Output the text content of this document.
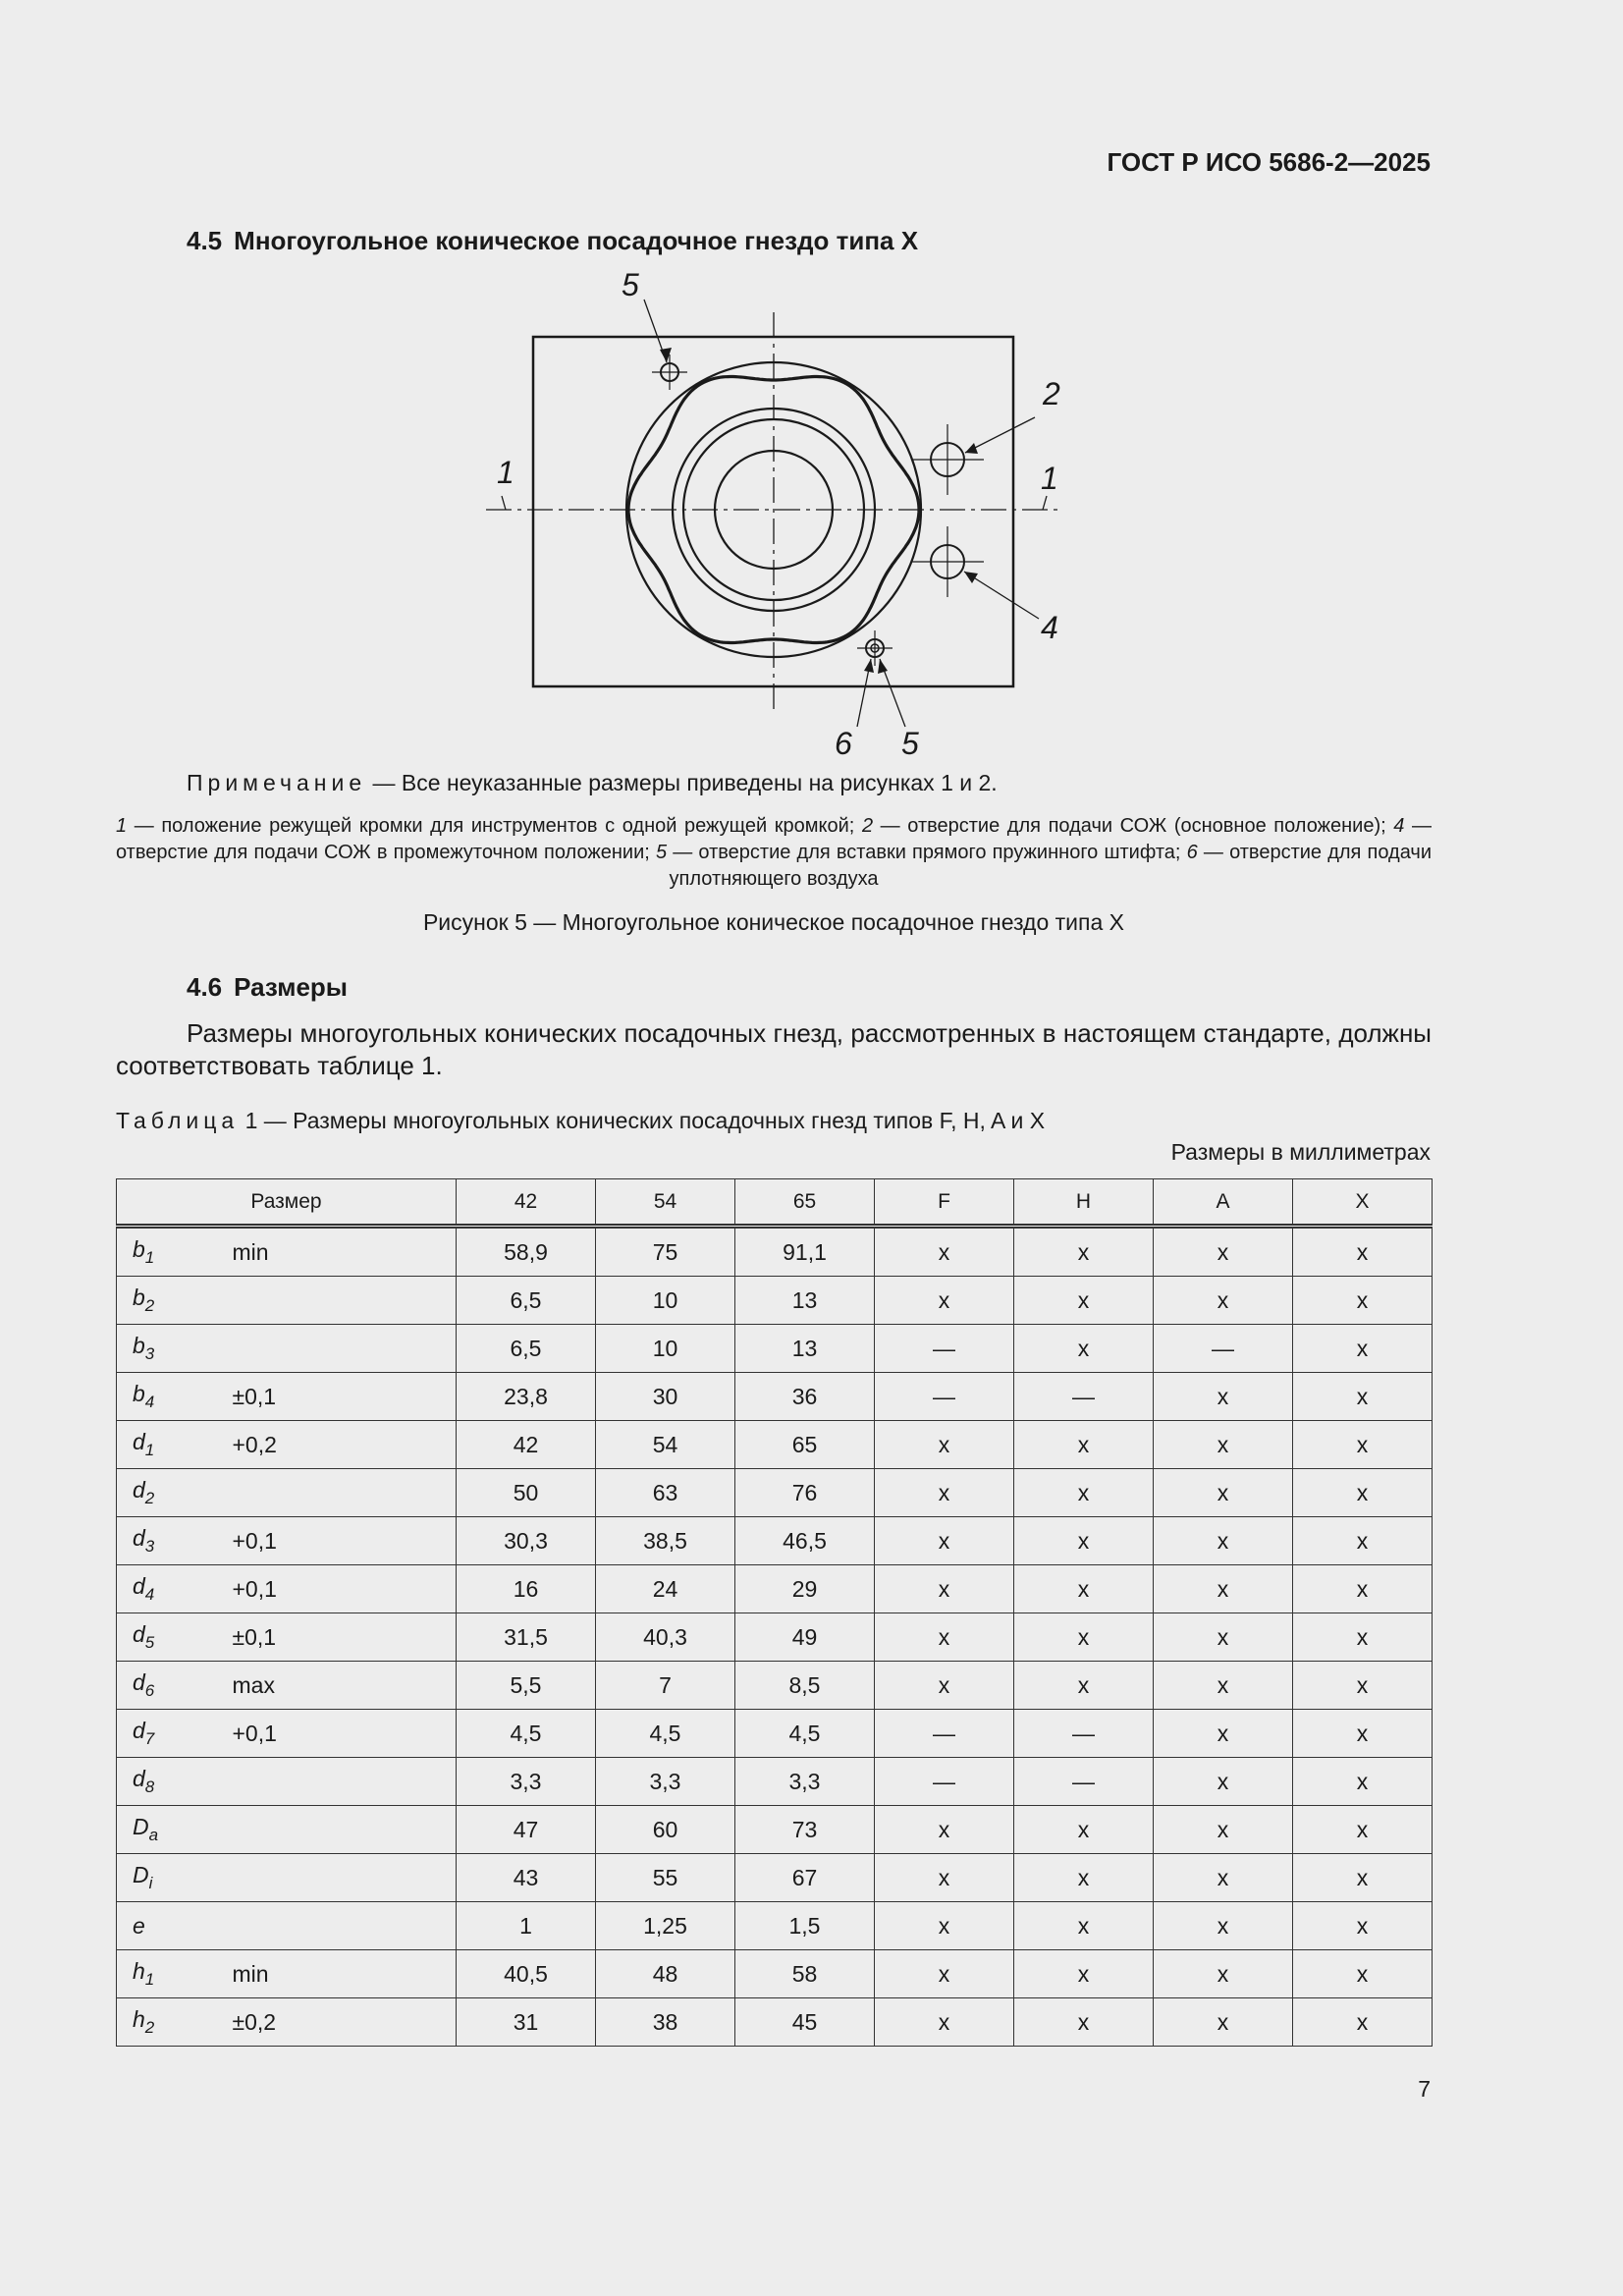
ГОСТ Р ИСО 5686-2—2025
4.5 Многоугольное коническое посадочное гнездо типа X
5
2
1	1
4
6 5
Примечание — Все неуказанные размеры приведены на рисунках 1 и 2.
1 — положение режущей кромки для инструментов с одной режущей кромкой; 2 — отверстие для подачи СОЖ (основное положение); 4 — отверстие для подачи СОЖ в промежуточном положении; 5 — отверстие для вставки прямого пружинного штифта; 6 — отверстие для подачи уплотняющего воздуха
Рисунок 5 — Многоугольное коническое посадочное гнездо типа X
4.6 Размеры
Размеры многоугольных конических посадочных гнезд, рассмотренных в настоящем стандарте, должны соответствовать таблице 1.
Таблица 1 — Размеры многоугольных конических посадочных гнезд типов F, H, A и X
Размеры в миллиметрах
Размер		42	54	65	F	H	A	X
$b_1$	min	58,9	75	91,1	x	x	x	x
$b_2$		6,5	10	13	x	x	x	x
$b_3$		6,5	10	13	—	x	—	x
$b_4$	±0,1	23,8	30	36	—	—	x	x
$d_1$	+0,2	42	54	65	x	x	x	x
$d_2$		50	63	76	x	x	x	x
$d_3$	+0,1	30,3	38,5	46,5	x	x	x	x
$d_4$	+0,1	16	24	29	x	x	x	x
$d_5$	±0,1	31,5	40,3	49	x	x	x	x
$d_6$	max	5,5	7	8,5	x	x	x	x
$d_7$	+0,1	4,5	4,5	4,5	—	—	x	x
$d_8$		3,3	3,3	3,3	—	—	x	x
$D_a$		47	60	73	x	x	x	x
$D_i$		43	55	67	x	x	x	x
e		1	1,25	1,5	x	x	x	x
$h_1$	min	40,5	48	58	x	x	x	x
$h_2$	±0,2	31	38	45	x	x	x	x
7
